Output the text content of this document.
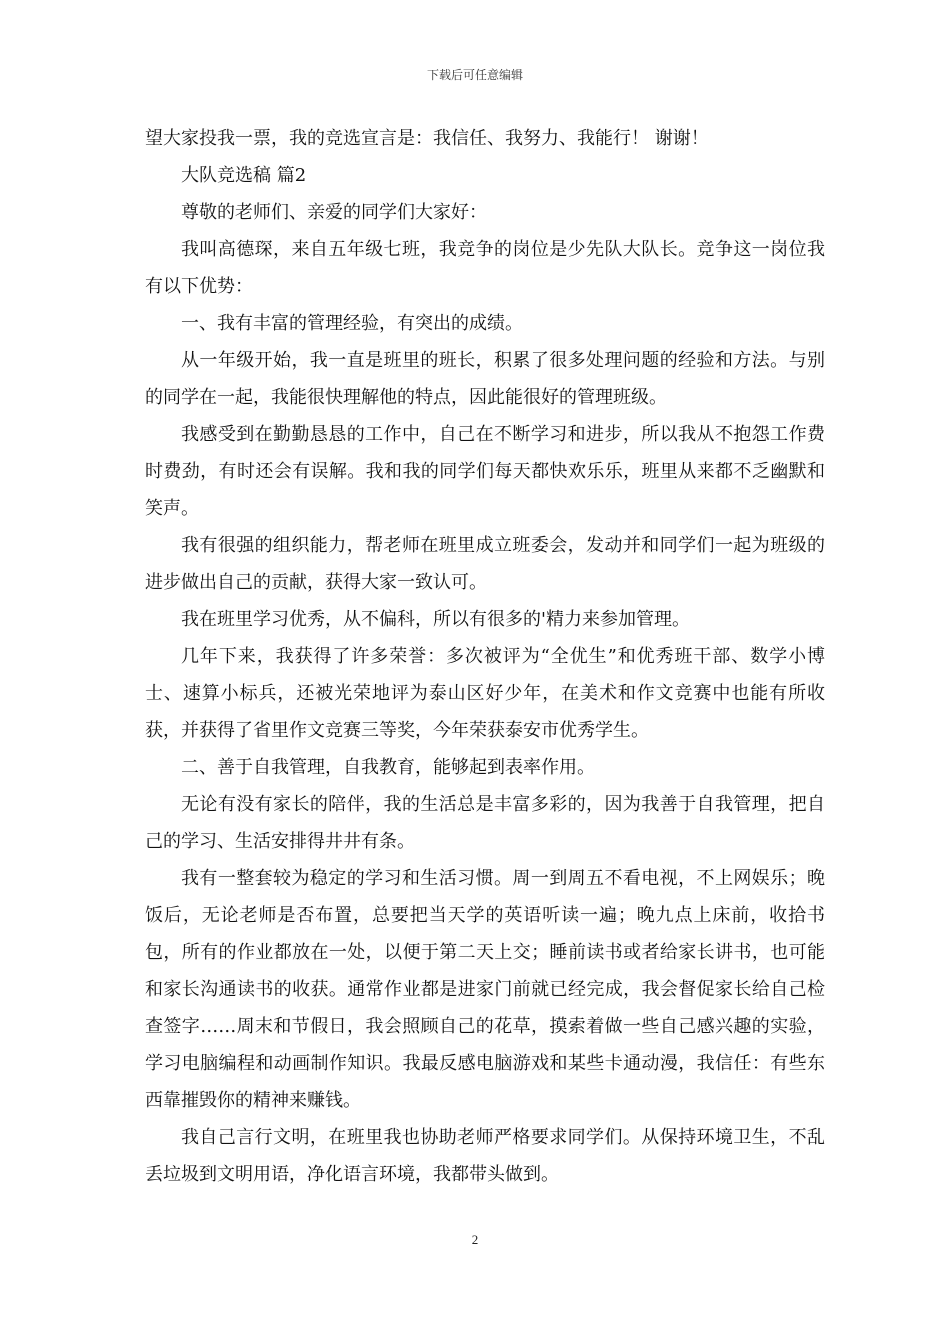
下载后可任意编辑

望大家投我一票，我的竞选宣言是：我信任、我努力、我能行！ 谢谢！

大队竞选稿 篇2

尊敬的老师们、亲爱的同学们大家好：

我叫高德琛，来自五年级七班，我竞争的岗位是少先队大队长。竞争这一岗位我有以下优势：

一、我有丰富的管理经验，有突出的成绩。

从一年级开始，我一直是班里的班长，积累了很多处理问题的经验和方法。与别的同学在一起，我能很快理解他的特点，因此能很好的管理班级。

我感受到在勤勤恳恳的工作中，自己在不断学习和进步，所以我从不抱怨工作费时费劲，有时还会有误解。我和我的同学们每天都快欢乐乐，班里从来都不乏幽默和笑声。

我有很强的组织能力，帮老师在班里成立班委会，发动并和同学们一起为班级的进步做出自己的贡献，获得大家一致认可。

我在班里学习优秀，从不偏科，所以有很多的'精力来参加管理。

几年下来，我获得了许多荣誉：多次被评为“全优生”和优秀班干部、数学小博士、速算小标兵，还被光荣地评为泰山区好少年，在美术和作文竞赛中也能有所收获，并获得了省里作文竞赛三等奖，今年荣获泰安市优秀学生。

二、善于自我管理，自我教育，能够起到表率作用。

无论有没有家长的陪伴，我的生活总是丰富多彩的，因为我善于自我管理，把自己的学习、生活安排得井井有条。

我有一整套较为稳定的学习和生活习惯。周一到周五不看电视，不上网娱乐；晚饭后，无论老师是否布置，总要把当天学的英语听读一遍；晚九点上床前，收拾书包，所有的作业都放在一处，以便于第二天上交；睡前读书或者给家长讲书，也可能和家长沟通读书的收获。通常作业都是进家门前就已经完成，我会督促家长给自己检查签字……周末和节假日，我会照顾自己的花草，摸索着做一些自己感兴趣的实验，学习电脑编程和动画制作知识。我最反感电脑游戏和某些卡通动漫，我信任：有些东西靠摧毁你的精神来赚钱。

我自己言行文明，在班里我也协助老师严格要求同学们。从保持环境卫生，不乱丢垃圾到文明用语，净化语言环境，我都带头做到。

2
